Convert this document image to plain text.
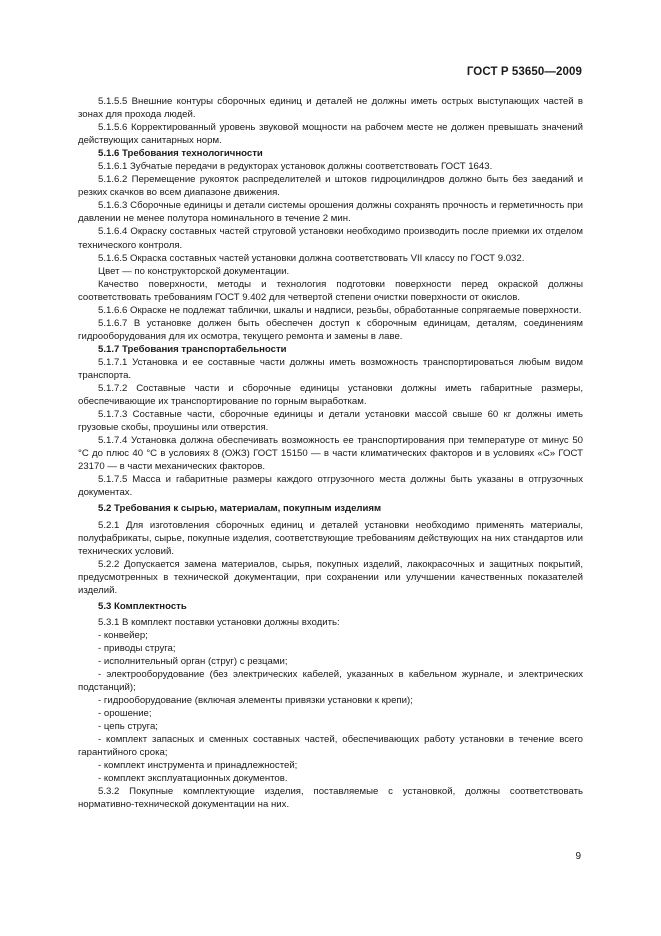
ГОСТ Р 53650—2009
5.1.5.5 Внешние контуры сборочных единиц и деталей не должны иметь острых выступающих частей в зонах для прохода людей.
5.1.5.6 Корректированный уровень звуковой мощности на рабочем месте не должен превышать значений действующих санитарных норм.
5.1.6 Требования технологичности
5.1.6.1 Зубчатые передачи в редукторах установок должны соответствовать ГОСТ 1643.
5.1.6.2 Перемещение рукояток распределителей и штоков гидроцилиндров должно быть без заеданий и резких скачков во всем диапазоне движения.
5.1.6.3 Сборочные единицы и детали системы орошения должны сохранять прочность и герметичность при давлении не менее полутора номинального в течение 2 мин.
5.1.6.4 Окраску составных частей струговой установки необходимо производить после приемки их отделом технического контроля.
5.1.6.5 Окраска составных частей установки должна соответствовать VII классу по ГОСТ 9.032.
Цвет — по конструкторской документации.
Качество поверхности, методы и технология подготовки поверхности перед окраской должны соответствовать требованиям ГОСТ 9.402 для четвертой степени очистки поверхности от окислов.
5.1.6.6 Окраске не подлежат таблички, шкалы и надписи, резьбы, обработанные сопрягаемые поверхности.
5.1.6.7 В установке должен быть обеспечен доступ к сборочным единицам, деталям, соединениям гидрооборудования для их осмотра, текущего ремонта и замены в лаве.
5.1.7 Требования транспортабельности
5.1.7.1 Установка и ее составные части должны иметь возможность транспортироваться любым видом транспорта.
5.1.7.2 Составные части и сборочные единицы установки должны иметь габаритные размеры, обеспечивающие их транспортирование по горным выработкам.
5.1.7.3 Составные части, сборочные единицы и детали установки массой свыше 60 кг должны иметь грузовые скобы, проушины или отверстия.
5.1.7.4 Установка должна обеспечивать возможность ее транспортирования при температуре от минус 50 °С до плюс 40 °С в условиях 8 (ОЖЗ) ГОСТ 15150 — в части климатических факторов и в условиях «С» ГОСТ 23170 — в части механических факторов.
5.1.7.5 Масса и габаритные размеры каждого отгрузочного места должны быть указаны в отгрузочных документах.
5.2 Требования к сырью, материалам, покупным изделиям
5.2.1 Для изготовления сборочных единиц и деталей установки необходимо применять материалы, полуфабрикаты, сырье, покупные изделия, соответствующие требованиям действующих на них стандартов или технических условий.
5.2.2 Допускается замена материалов, сырья, покупных изделий, лакокрасочных и защитных покрытий, предусмотренных в технической документации, при сохранении или улучшении качественных показателей изделий.
5.3 Комплектность
5.3.1 В комплект поставки установки должны входить:
- конвейер;
- приводы струга;
- исполнительный орган (струг) с резцами;
- электрооборудование (без электрических кабелей, указанных в кабельном журнале, и электрических подстанций);
- гидрооборудование (включая элементы привязки установки к крепи);
- орошение;
- цепь струга;
- комплект запасных и сменных составных частей, обеспечивающих работу установки в течение всего гарантийного срока;
- комплект инструмента и принадлежностей;
- комплект эксплуатационных документов.
5.3.2 Покупные комплектующие изделия, поставляемые с установкой, должны соответствовать нормативно-технической документации на них.
9
